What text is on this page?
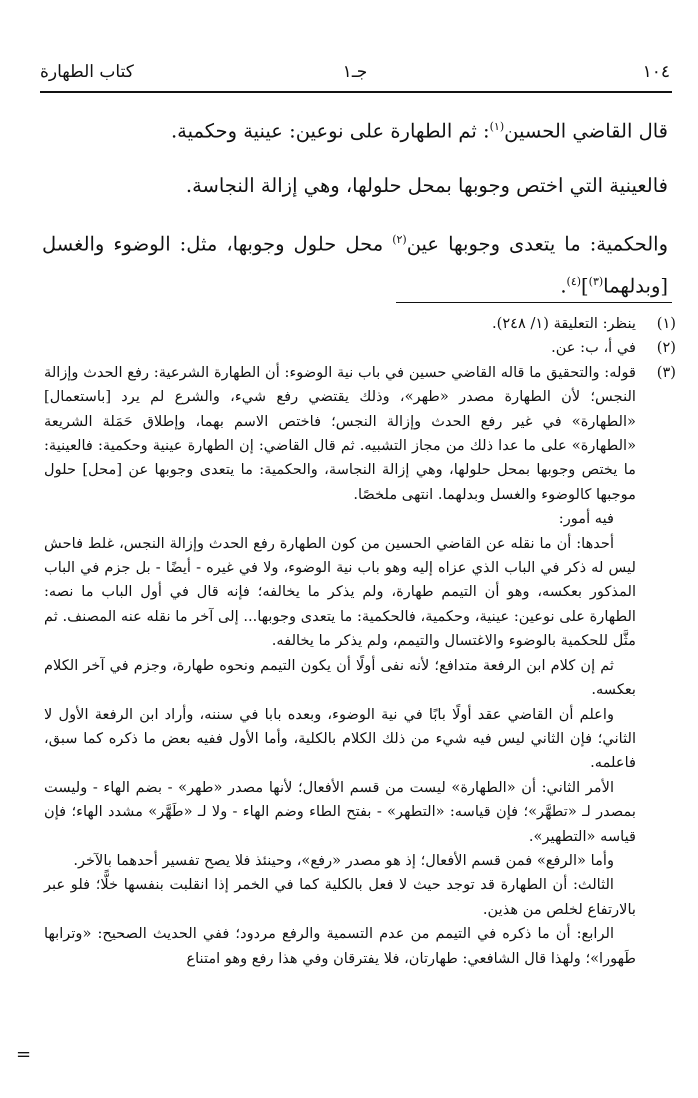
١٠٤
جـ١
كتاب الطهارة

قال القاضي الحسين$^{(١)}$: ثم الطهارة على نوعين: عينية وحكمية.

فالعينية التي اختص وجوبها بمحل حلولها، وهي إزالة النجاسة.

والحكمية: ما يتعدى وجوبها عين$^{(٢)}$ محل حلول وجوبها، مثل: الوضوء والغسل [وبدلهما$^{(٣)}$]$^{(٤)}$.

(١)

ينظر: التعليقة (١/ ٢٤٨).

(٢)

في أ، ب: عن.

(٣)

قوله: والتحقيق ما قاله القاضي حسين في باب نية الوضوء: أن الطهارة الشرعية: رفع الحدث وإزالة النجس؛ لأن الطهارة مصدر «طهر»، وذلك يقتضي رفع شيء، والشرع لم يرد [باستعمال] «الطهارة» في غير رفع الحدث وإزالة النجس؛ فاختص الاسم بهما، وإطلاق حَمَلة الشريعة «الطهارة» على ما عدا ذلك من مجاز التشبيه. ثم قال القاضي: إن الطهارة عينية وحكمية: فالعينية: ما يختص وجوبها بمحل حلولها، وهي إزالة النجاسة، والحكمية: ما يتعدى وجوبها عن [محل] حلول موجبها كالوضوء والغسل وبدلهما. انتهى ملخصًا.

فيه أمور:

أحدها: أن ما نقله عن القاضي الحسين من كون الطهارة رفع الحدث وإزالة النجس، غلط فاحش ليس له ذكر في الباب الذي عزاه إليه وهو باب نية الوضوء، ولا في غيره - أيضًا - بل جزم في الباب المذكور بعكسه، وهو أن التيمم طهارة، ولم يذكر ما يخالفه؛ فإنه قال في أول الباب ما نصه: الطهارة على نوعين: عينية، وحكمية، فالحكمية: ما يتعدى وجوبها... إلى آخر ما نقله عنه المصنف. ثم مثَّل للحكمية بالوضوء والاغتسال والتيمم، ولم يذكر ما يخالفه.

ثم إن كلام ابن الرفعة متدافع؛ لأنه نفى أولًا أن يكون التيمم ونحوه طهارة، وجزم في آخر الكلام بعكسه.

واعلم أن القاضي عقد أولًا بابًا في نية الوضوء، وبعده بابا في سننه، وأراد ابن الرفعة الأول لا الثاني؛ فإن الثاني ليس فيه شيء من ذلك الكلام بالكلية، وأما الأول ففيه بعض ما ذكره كما سبق، فاعلمه.

الأمر الثاني: أن «الطهارة» ليست من قسم الأفعال؛ لأنها مصدر «طهر» - بضم الهاء - وليست بمصدر لـ «تطهَّر»؛ فإن قياسه: «التطهر» - بفتح الطاء وضم الهاء - ولا لـ «طَهَّر» مشدد الهاء؛ فإن قياسه «التطهير».

وأما «الرفع» فمن قسم الأفعال؛ إذ هو مصدر «رفع»، وحينئذ فلا يصح تفسير أحدهما بالآخر.

الثالث: أن الطهارة قد توجد حيث لا فعل بالكلية كما في الخمر إذا انقلبت بنفسها خلًّا؛ فلو عبر بالارتفاع لخلص من هذين.

الرابع: أن ما ذكره في التيمم من عدم التسمية والرفع مردود؛ ففي الحديث الصحيح: «وترابها طَهورا»؛ ولهذا قال الشافعي: طهارتان، فلا يفترقان وفي هذا رفع وهو امتناع

=
